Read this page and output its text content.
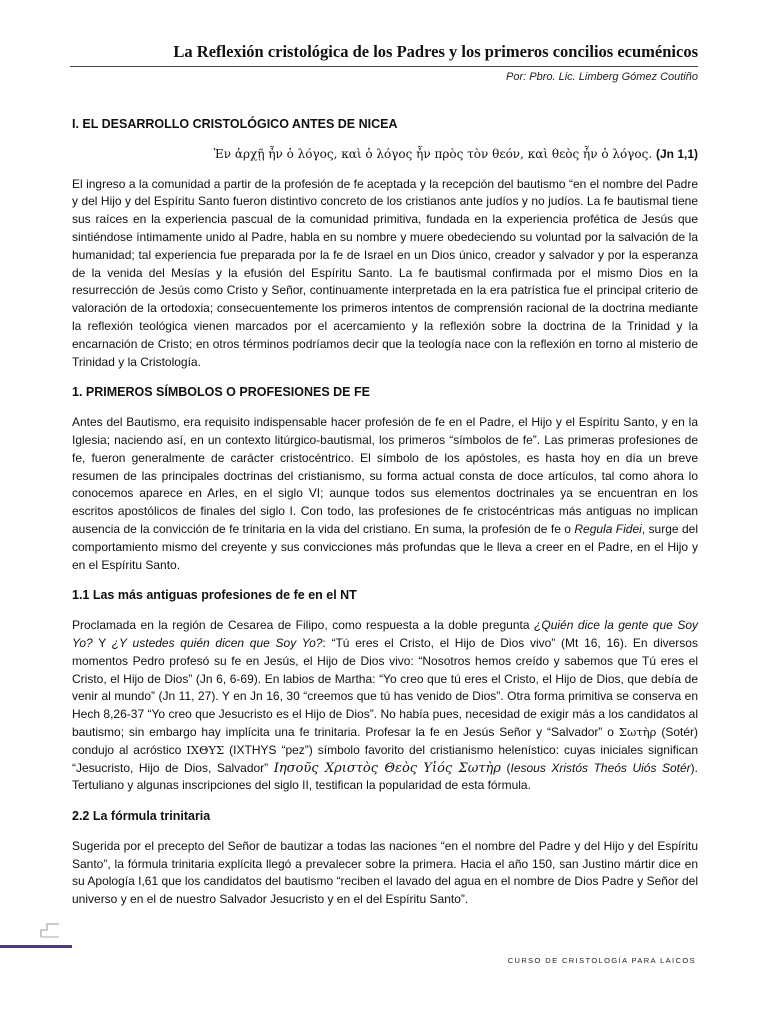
La Reflexión cristológica de los Padres y los primeros concilios ecuménicos
Por: Pbro. Lic. Limberg Gómez Coutiño
I. EL DESARROLLO CRISTOLÓGICO ANTES DE NICEA
Ἐν ἀρχῇ ἦν ὁ λόγος, καὶ ὁ λόγος ἦν πρὸς τὸν θεόν, καὶ θεὸς ἦν ὁ λόγος. (Jn 1,1)

El ingreso a la comunidad a partir de la profesión de fe aceptada y la recepción del bautismo “en el nombre del Padre y del Hijo y del Espíritu Santo fueron distintivo concreto de los cristianos ante judíos y no judíos. La fe bautismal tiene sus raíces en la experiencia pascual de la comunidad primitiva, fundada en la experiencia profética de Jesús que sintiéndose íntimamente unido al Padre, habla en su nombre y muere obedeciendo su voluntad por la salvación de la humanidad; tal experiencia fue preparada por la fe de Israel en un Dios único, creador y salvador y por la esperanza de la venida del Mesías y la efusión del Espíritu Santo. La fe bautismal confirmada por el mismo Dios en la resurrección de Jesús como Cristo y Señor, continuamente interpretada en la era patrística fue el principal criterio de valoración de la ortodoxia; consecuentemente los primeros intentos de comprensión racional de la doctrina mediante la reflexión teológica vienen marcados por el acercamiento y la reflexión sobre la doctrina de la Trinidad y la encarnación de Cristo; en otros términos podríamos decir que la teología nace con la reflexión en torno al misterio de Trinidad y la Cristología.

1. PRIMEROS SÍMBOLOS O PROFESIONES DE FE

Antes del Bautismo, era requisito indispensable hacer profesión de fe en el Padre, el Hijo y el Espíritu Santo, y en la Iglesia; naciendo así, en un contexto litúrgico-bautismal, los primeros “símbolos de fe”. Las primeras profesiones de fe, fueron generalmente de carácter cristocéntrico. El símbolo de los apóstoles, es hasta hoy en día un breve resumen de las principales doctrinas del cristianismo, su forma actual consta de doce artículos, tal como ahora lo conocemos aparece en Arles, en el siglo VI; aunque todos sus elementos doctrinales ya se encuentran en los escritos apostólicos de finales del siglo I. Con todo, las profesiones de fe cristocéntricas más antiguas no implican ausencia de la convicción de fe trinitaria en la vida del cristiano. En suma, la profesión de fe o Regula Fidei, surge del comportamiento mismo del creyente y sus convicciones más profundas que le lleva a creer en el Padre, en el Hijo y en el Espíritu Santo.

1.1 Las más antiguas profesiones de fe en el NT

Proclamada en la región de Cesarea de Filipo, como respuesta a la doble pregunta ¿Quién dice la gente que Soy Yo? Y ¿Y ustedes quién dicen que Soy Yo?: “Tú eres el Cristo, el Hijo de Dios vivo” (Mt 16, 16). En diversos momentos Pedro profesó su fe en Jesús, el Hijo de Dios vivo: “Nosotros hemos creído y sabemos que Tú eres el Cristo, el Hijo de Dios” (Jn 6, 6-69). En labios de Martha: “Yo creo que tú eres el Cristo, el Hijo de Dios, que debía de venir al mundo” (Jn 11, 27). Y en Jn 16, 30 “creemos que tú has venido de Dios”. Otra forma primitiva se conserva en Hech 8,26-37 “Yo creo que Jesucristo es el Hijo de Dios”. No había pues, necesidad de exigir más a los candidatos al bautismo; sin embargo hay implícita una fe trinitaria. Profesar la fe en Jesús Señor y “Salvador” o Σωτὴρ (Sotér) condujo al acróstico ΙΧΘΥΣ (IXTHYS “pez”) símbolo favorito del cristianismo helenístico: cuyas iniciales significan “Jesucristo, Hijo de Dios, Salvador” Ιησοῦς Χριστὸς Θεὸς Υἱός Σωτὴρ (Iesous Xristós Theós Uiós Sotér). Tertuliano y algunas inscripciones del siglo II, testifican la popularidad de esta fórmula.

2.2 La fórmula trinitaria

Sugerida por el precepto del Señor de bautizar a todas las naciones “en el nombre del Padre y del Hijo y del Espíritu Santo”, la fórmula trinitaria explícita llegó a prevalecer sobre la primera. Hacia el año 150, san Justino mártir dice en su Apología I,61 que los candidatos del bautismo “reciben el lavado del agua en el nombre de Dios Padre y Señor del universo y en el de nuestro Salvador Jesucristo y en el del Espíritu Santo”.

CURSO DE CRISTOLOGÍA PARA LAICOS
